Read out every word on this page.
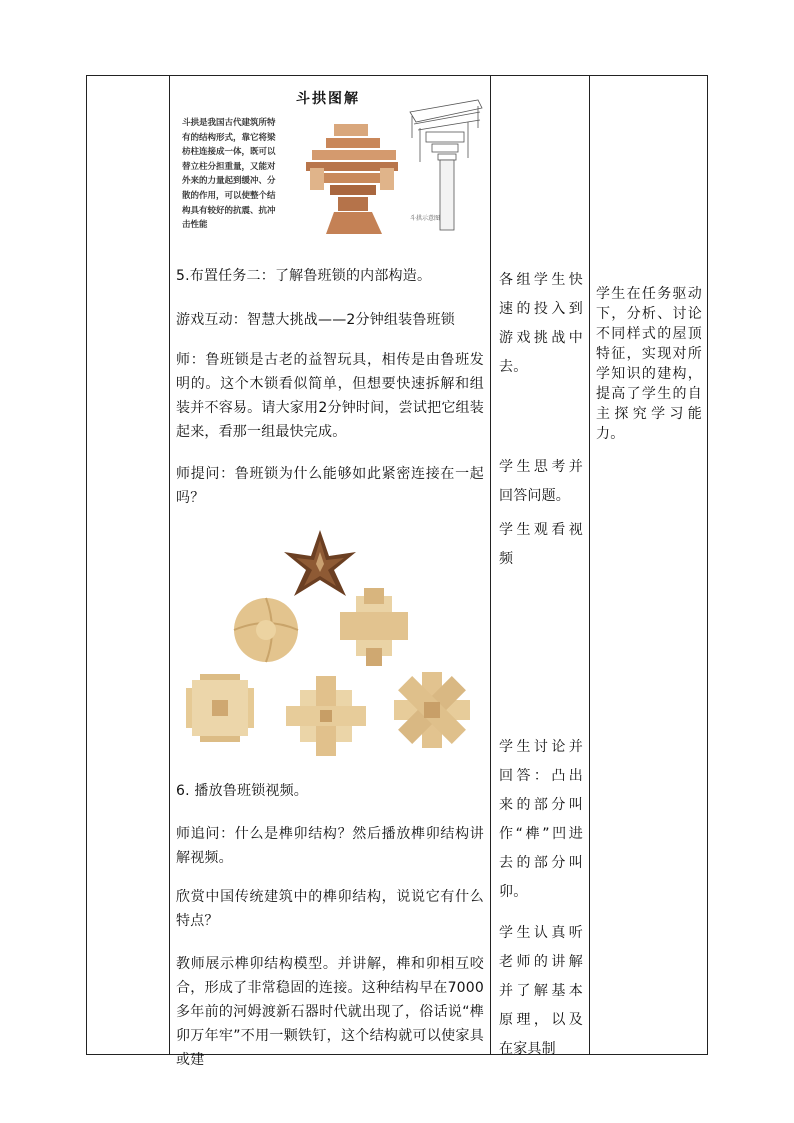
斗拱图解
斗拱是我国古代建筑所特
有的结构形式，靠它将梁
枋柱连接成一体，既可以
替立柱分担重量，又能对
外来的力量起到缓冲、分
散的作用，可以使整个结
构具有较好的抗震、抗冲
击性能
斗拱示意图

5.布置任务二：了解鲁班锁的内部构造。

游戏互动：智慧大挑战——2分钟组装鲁班锁

师：鲁班锁是古老的益智玩具，相传是由鲁班发明的。这个木锁看似简单，但想要快速拆解和组装并不容易。请大家用2分钟时间，尝试把它组装起来，看那一组最快完成。

师提问：鲁班锁为什么能够如此紧密连接在一起吗？

6. 播放鲁班锁视频。

师追问：什么是榫卯结构？然后播放榫卯结构讲解视频。

欣赏中国传统建筑中的榫卯结构，说说它有什么特点？

教师展示榫卯结构模型。并讲解，榫和卯相互咬合，形成了非常稳固的连接。这种结构早在7000多年前的河姆渡新石器时代就出现了，俗话说“榫卯万年牢”不用一颗铁钉，这个结构就可以使家具或建

各组学生快速的投入到游戏挑战中去。

学生思考并回答问题。

学生观看视频

学生讨论并回答：凸出来的部分叫作“榫”凹进去的部分叫卯。

学生认真听老师的讲解并了解基本原理，以及在家具制

学生在任务驱动下，分析、讨论不同样式的屋顶特征，实现对所学知识的建构，提高了学生的自主探究学习能力。
